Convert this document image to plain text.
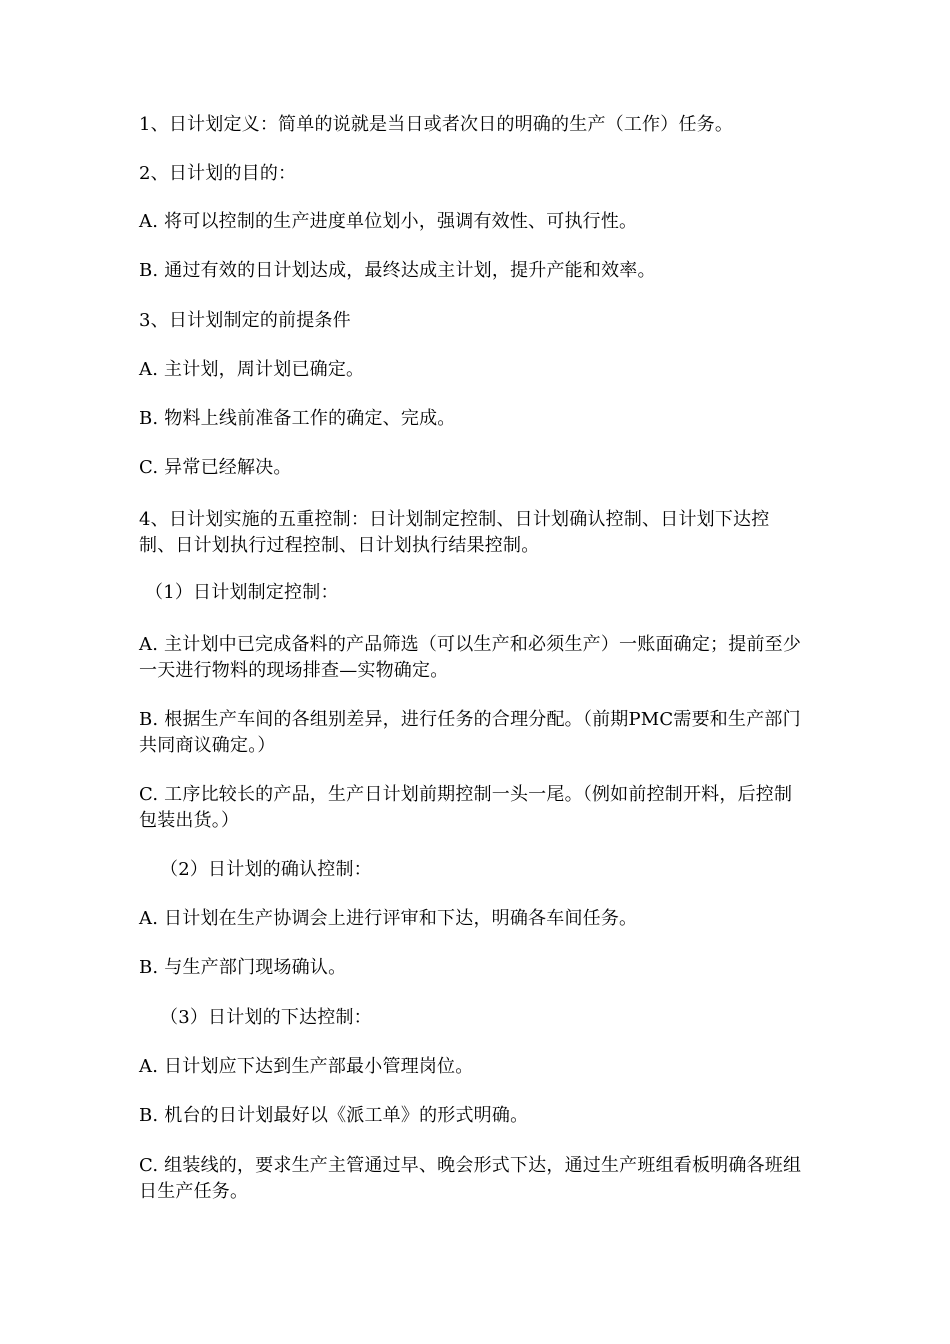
1、日计划定义：简单的说就是当日或者次日的明确的生产（工作）任务。

2、日计划的目的：

A. 将可以控制的生产进度单位划小，强调有效性、可执行性。

B. 通过有效的日计划达成，最终达成主计划，提升产能和效率。

3、日计划制定的前提条件

A. 主计划，周计划已确定。

B. 物料上线前准备工作的确定、完成。

C. 异常已经解决。

4、日计划实施的五重控制：日计划制定控制、日计划确认控制、日计划下达控制、日计划执行过程控制、日计划执行结果控制。

（1）日计划制定控制：

A. 主计划中已完成备料的产品筛选（可以生产和必须生产）一账面确定；提前至少一天进行物料的现场排查—实物确定。

B. 根据生产车间的各组别差异，进行任务的合理分配。（前期PMC需要和生产部门共同商议确定。）

C. 工序比较长的产品，生产日计划前期控制一头一尾。（例如前控制开料，后控制包装出货。）

（2）日计划的确认控制：

A. 日计划在生产协调会上进行评审和下达，明确各车间任务。

B. 与生产部门现场确认。

（3）日计划的下达控制：

A. 日计划应下达到生产部最小管理岗位。

B. 机台的日计划最好以《派工单》的形式明确。

C. 组装线的，要求生产主管通过早、晚会形式下达，通过生产班组看板明确各班组日生产任务。
